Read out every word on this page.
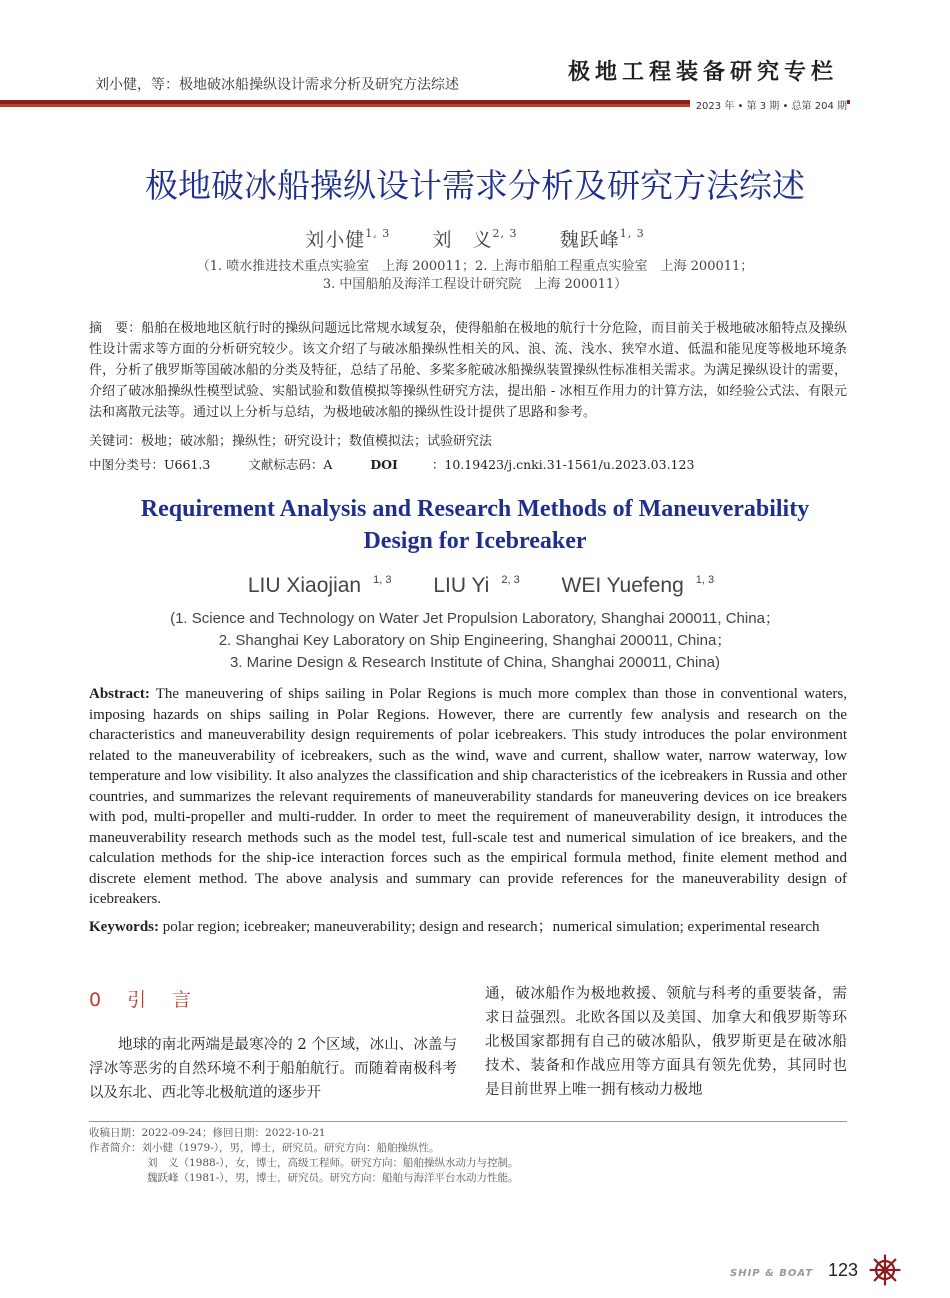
刘小健，等：极地破冰船操纵设计需求分析及研究方法综述	极地工程装备研究专栏
2023 年 • 第 3 期 • 总第 204 期
极地破冰船操纵设计需求分析及研究方法综述
刘小健$^{1, 3}$ 刘　义$^{2, 3}$ 魏跃峰$^{1, 3}$
（1. 喷水推进技术重点实验室　上海 200011；2. 上海市船舶工程重点实验室　上海 200011；
3. 中国船舶及海洋工程设计研究院　上海 200011）
摘　要：船舶在极地地区航行时的操纵问题远比常规水域复杂，使得船舶在极地的航行十分危险，而目前关于极地破冰船特点及操纵性设计需求等方面的分析研究较少。该文介绍了与破冰船操纵性相关的风、浪、流、浅水、狭窄水道、低温和能见度等极地环境条件，分析了俄罗斯等国破冰船的分类及特征，总结了吊舱、多桨多舵破冰船操纵装置操纵性标准相关需求。为满足操纵设计的需要，介绍了破冰船操纵性模型试验、实船试验和数值模拟等操纵性研究方法，提出船 - 冰相互作用力的计算方法，如经验公式法、有限元法和离散元法等。通过以上分析与总结，为极地破冰船的操纵性设计提供了思路和参考。
关键词：极地；破冰船；操纵性；研究设计；数值模拟法；试验研究法
中图分类号：U661.3	文献标志码：A	DOI	：10.19423/j.cnki.31-1561/u.2023.03.123
Requirement Analysis and Research Methods of Maneuverability
Design for Icebreaker
LIU Xiaojian $^{1, 3}$ LIU Yi $^{2, 3}$ WEI Yuefeng $^{1, 3}$
(1. Science and Technology on Water Jet Propulsion Laboratory, Shanghai 200011, China；
2. Shanghai Key Laboratory on Ship Engineering, Shanghai 200011, China；
3. Marine Design & Research Institute of China, Shanghai 200011, China)
Abstract: The maneuvering of ships sailing in Polar Regions is much more complex than those in conventional waters, imposing hazards on ships sailing in Polar Regions. However, there are currently few analysis and research on the characteristics and maneuverability design requirements of polar icebreakers. This study introduces the polar environment related to the maneuverability of icebreakers, such as the wind, wave and current, shallow water, narrow waterway, low temperature and low visibility. It also analyzes the classification and ship characteristics of the icebreakers in Russia and other countries, and summarizes the relevant requirements of maneuverability standards for maneuvering devices on ice breakers with pod, multi-propeller and multi-rudder. In order to meet the requirement of maneuverability design, it introduces the maneuverability research methods such as the model test, full-scale test and numerical simulation of ice breakers, and the calculation methods for the ship-ice interaction forces such as the empirical formula method, finite element method and discrete element method. The above analysis and summary can provide references for the maneuverability design of icebreakers.
Keywords: polar region; icebreaker; maneuverability; design and research；numerical simulation; experimental research
0 引 言
地球的南北两端是最寒冷的 2 个区域，冰山、冰盖与浮冰等恶劣的自然环境不利于船舶航行。而随着南极科考以及东北、西北等北极航道的逐步开
通，破冰船作为极地救援、领航与科考的重要装备，需求日益强烈。北欧各国以及美国、加拿大和俄罗斯等环北极国家都拥有自己的破冰船队，俄罗斯更是在破冰船技术、装备和作战应用等方面具有领先优势，其同时也是目前世界上唯一拥有核动力极地
收稿日期：2022-09-24；修回日期：2022-10-21
作者简介：刘小健（1979-），男，博士，研究员。研究方向：船舶操纵性。
刘　义（1988-），女，博士，高级工程师。研究方向：船舶操纵水动力与控制。
魏跃峰（1981-），男，博士，研究员。研究方向：船舶与海洋平台水动力性能。
SHIP & BOAT 123
